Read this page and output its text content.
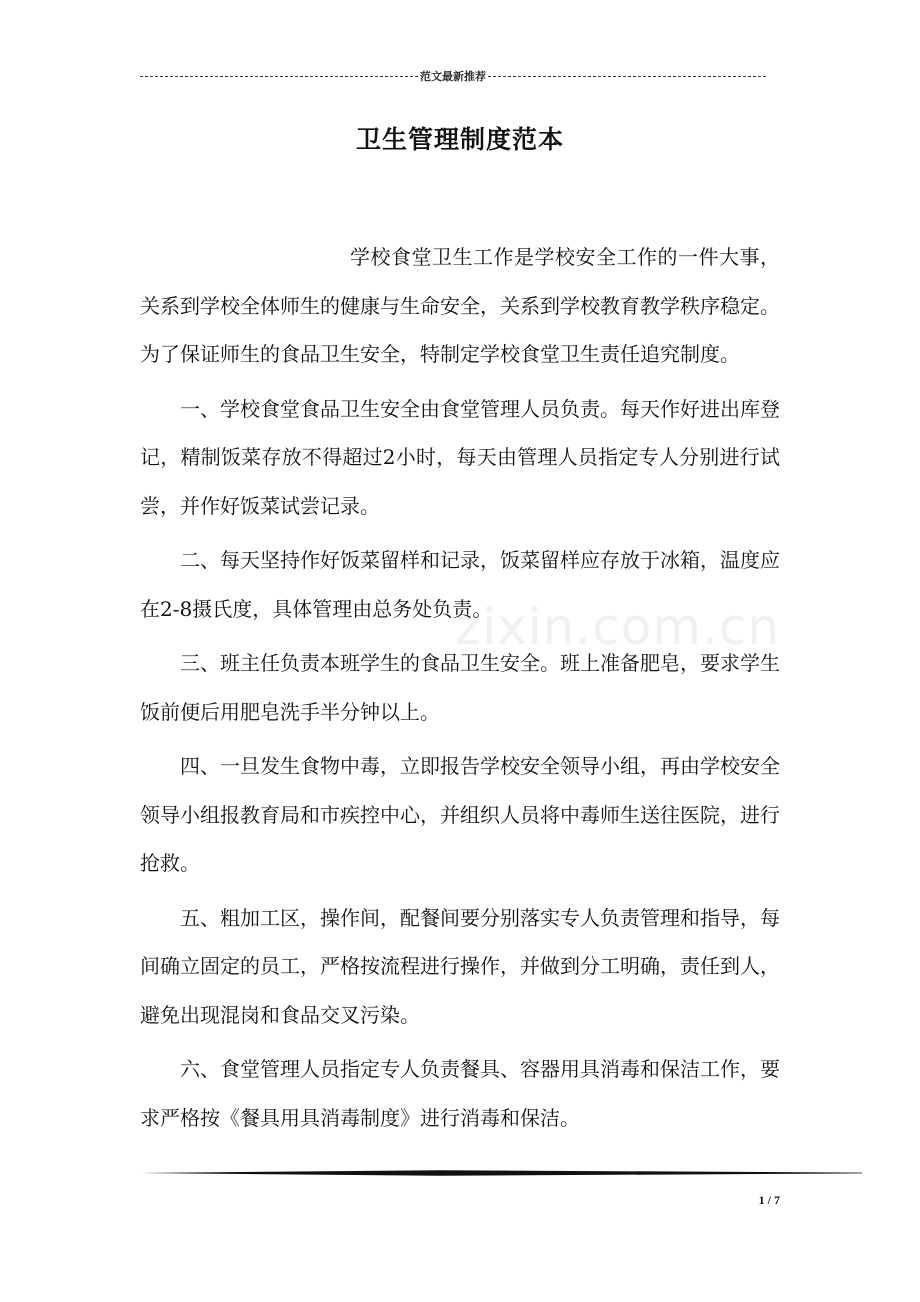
范文最新推荐
卫生管理制度范本
zixin.com.cn

学校食堂卫生工作是学校安全工作的一件大事，关系到学校全体师生的健康与生命安全，关系到学校教育教学秩序稳定。为了保证师生的食品卫生安全，特制定学校食堂卫生责任追究制度。

一、学校食堂食品卫生安全由食堂管理人员负责。每天作好进出库登记，精制饭菜存放不得超过2小时，每天由管理人员指定专人分别进行试尝，并作好饭菜试尝记录。

二、每天坚持作好饭菜留样和记录，饭菜留样应存放于冰箱，温度应在2-8摄氏度，具体管理由总务处负责。

三、班主任负责本班学生的食品卫生安全。班上准备肥皂，要求学生饭前便后用肥皂洗手半分钟以上。

四、一旦发生食物中毒，立即报告学校安全领导小组，再由学校安全领导小组报教育局和市疾控中心，并组织人员将中毒师生送往医院，进行抢救。

五、粗加工区，操作间，配餐间要分别落实专人负责管理和指导，每间确立固定的员工，严格按流程进行操作，并做到分工明确，责任到人，避免出现混岗和食品交叉污染。

六、食堂管理人员指定专人负责餐具、容器用具消毒和保洁工作，要求严格按《餐具用具消毒制度》进行消毒和保洁。

1 / 7
